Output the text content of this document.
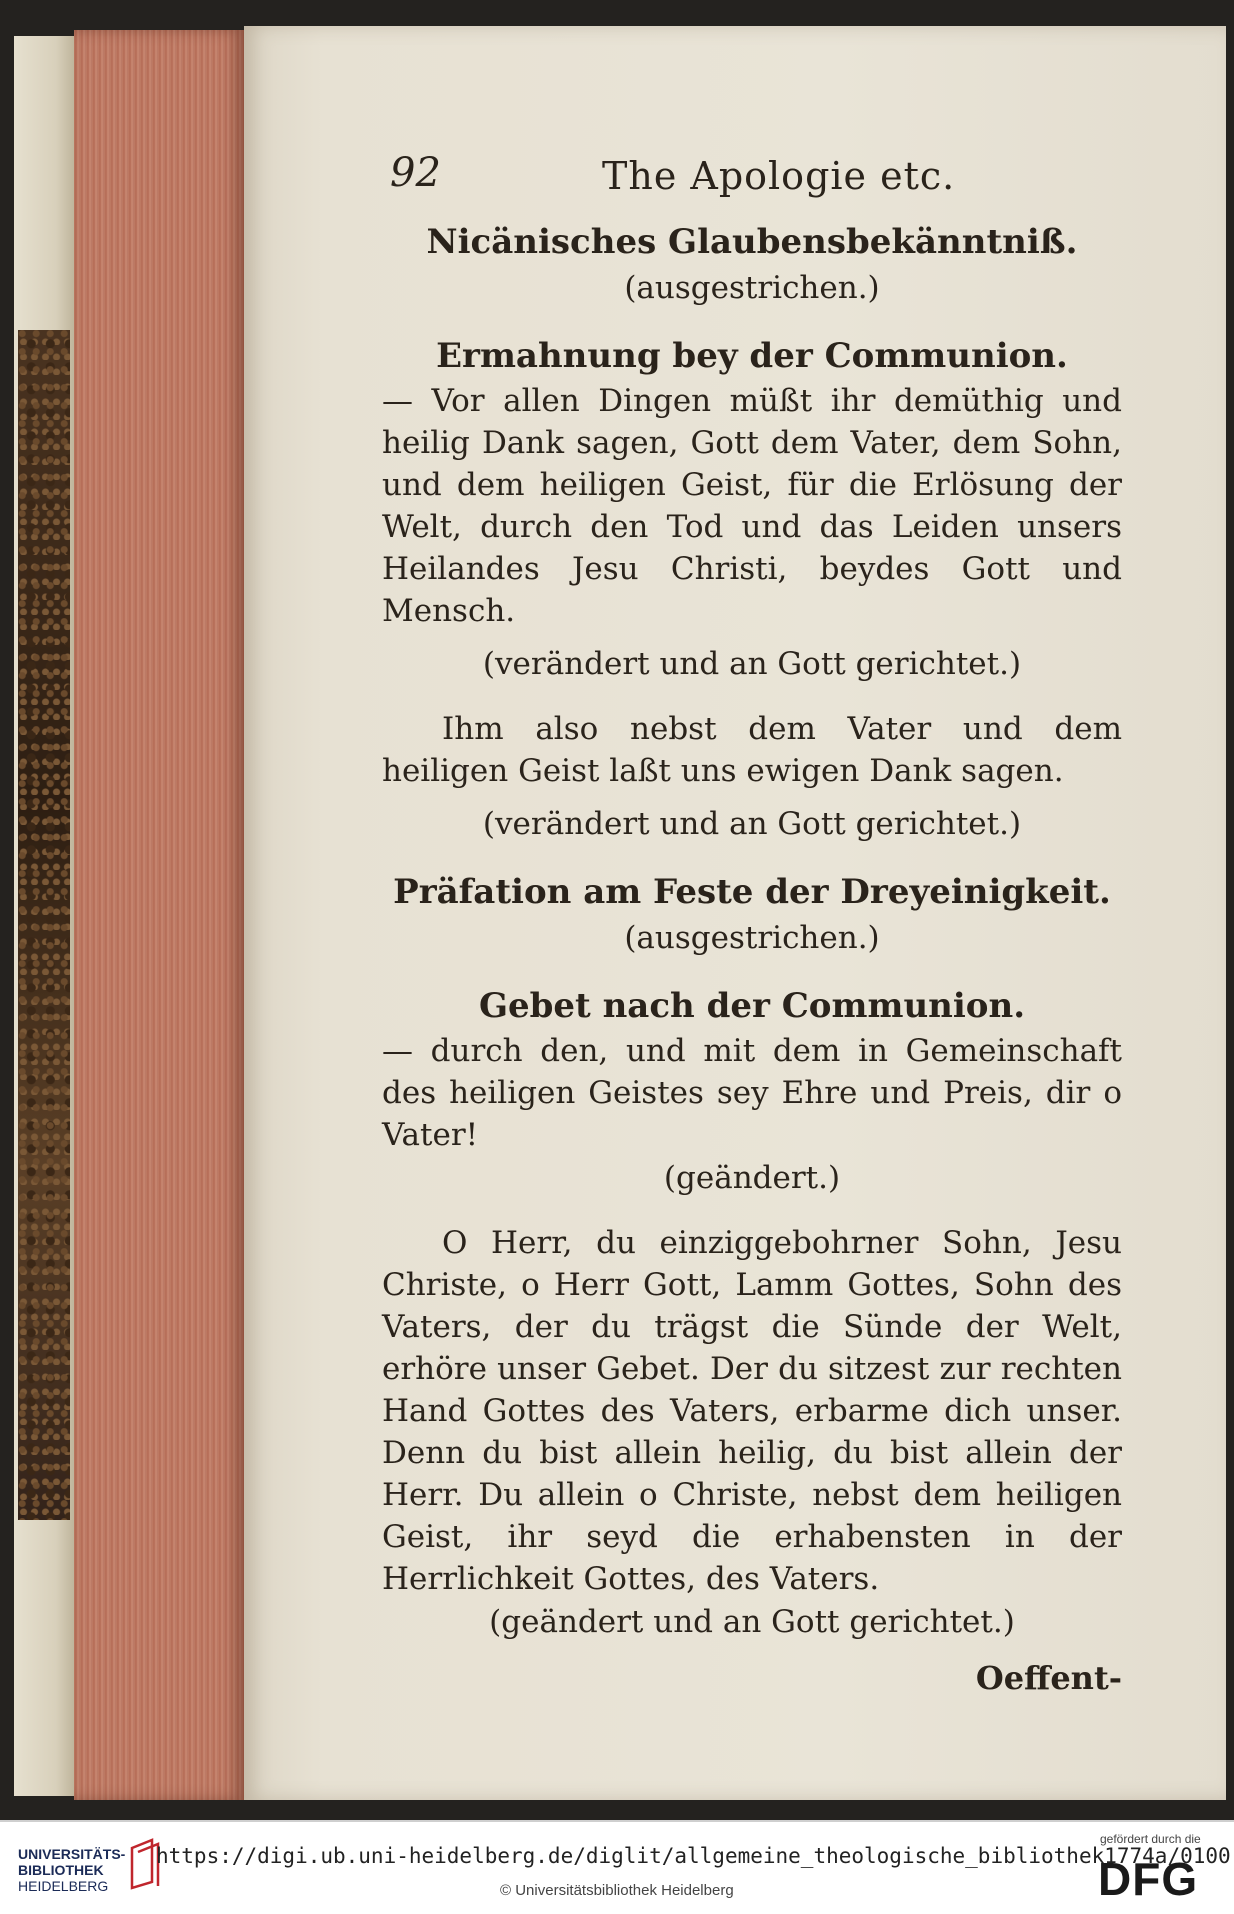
92	The Apologie etc.

Nicänisches Glaubensbekänntniß.

(ausgestrichen.)

Ermahnung bey der Communion.

— Vor allen Dingen müßt ihr demüthig und heilig Dank sagen, Gott dem Vater, dem Sohn, und dem heiligen Geist, für die Erlösung der Welt, durch den Tod und das Leiden unsers Heilandes Jesu Christi, beydes Gott und Mensch.

(verändert und an Gott gerichtet.)

Ihm also nebst dem Vater und dem heiligen Geist laßt uns ewigen Dank sagen.

(verändert und an Gott gerichtet.)

Präfation am Feste der Dreyeinigkeit.

(ausgestrichen.)

Gebet nach der Communion.

— durch den, und mit dem in Gemeinschaft des heiligen Geistes sey Ehre und Preis, dir o Vater!

(geändert.)

O Herr, du einziggebohrner Sohn, Jesu Christe, o Herr Gott, Lamm Gottes, Sohn des Vaters, der du trägst die Sünde der Welt, erhöre unser Gebet. Der du sitzest zur rechten Hand Gottes des Vaters, erbarme dich unser. Denn du bist allein heilig, du bist allein der Herr. Du allein o Christe, nebst dem heiligen Geist, ihr seyd die erhabensten in der Herrlichkeit Gottes, des Vaters.

(geändert und an Gott gerichtet.)

Oeffent-

UNIVERSITÄTS-
BIBLIOTHEK
HEIDELBERG
https://digi.ub.uni-heidelberg.de/diglit/allgemeine_theologische_bibliothek1774a/0100
© Universitätsbibliothek Heidelberg
gefördert durch die
DFG
